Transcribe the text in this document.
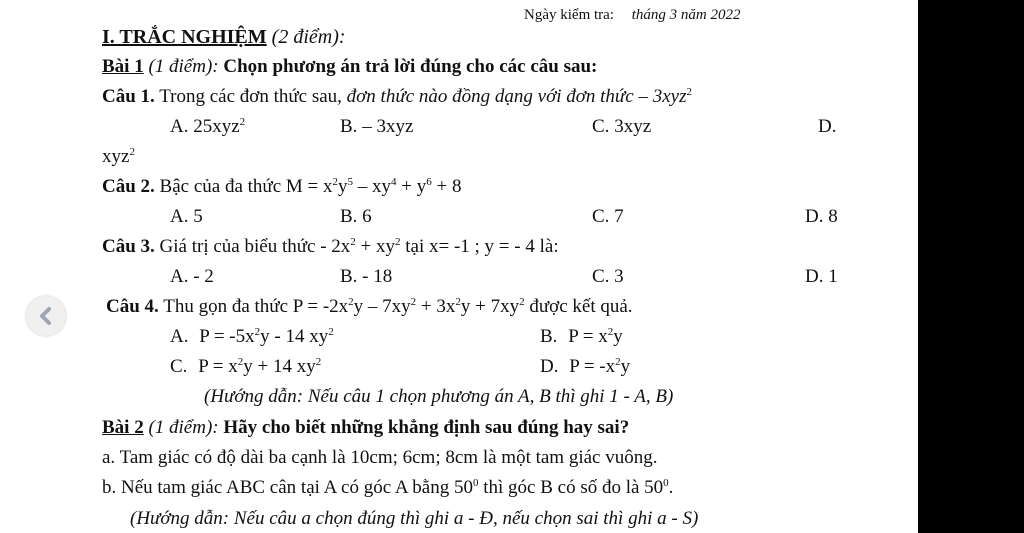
Ngày kiểm tra: tháng 3 năm 2022
I. TRẮC NGHIỆM (2 điểm):
Bài 1 (1 điểm): Chọn phương án trả lời đúng cho các câu sau:
Câu 1. Trong các đơn thức sau, đơn thức nào đồng dạng với đơn thức – 3xyz$^2$
A. 25xyz$^2$	B. – 3xyz	C. 3xyz	D.
xyz$^2$
Câu 2. Bậc của đa thức $M = x^2y^5 - xy^4 + y^6 + 8$
A. 5	B. 6	C. 7	D. 8
Câu 3. Giá trị của biểu thức - $2x^2 + xy^2$ tại x= -1 ; y = - 4 là:
A. - 2	B. - 18	C. 3	D. 1
Câu 4. Thu gọn đa thức $P = -2x^2y - 7xy^2 + 3x^2y + 7xy^2$ được kết quả.
A. $P = -5x^2y - 14$ $xy^2$	B. $P = x^2y$
C. $P = x^2y + 14$ $xy^2$	D. $P = -x^2y$
(Hướng dẫn: Nếu câu 1 chọn phương án A, B thì ghi 1 - A, B)
Bài 2 (1 điểm): Hãy cho biết những khẳng định sau đúng hay sai?
a. Tam giác có độ dài ba cạnh là 10cm; 6cm; 8cm là một tam giác vuông.
b. Nếu tam giác ABC cân tại A có góc A bằng $50^0$ thì góc B có số đo là $50^0$.
(Hướng dẫn: Nếu câu a chọn đúng thì ghi a - Đ, nếu chọn sai thì ghi a - S)
